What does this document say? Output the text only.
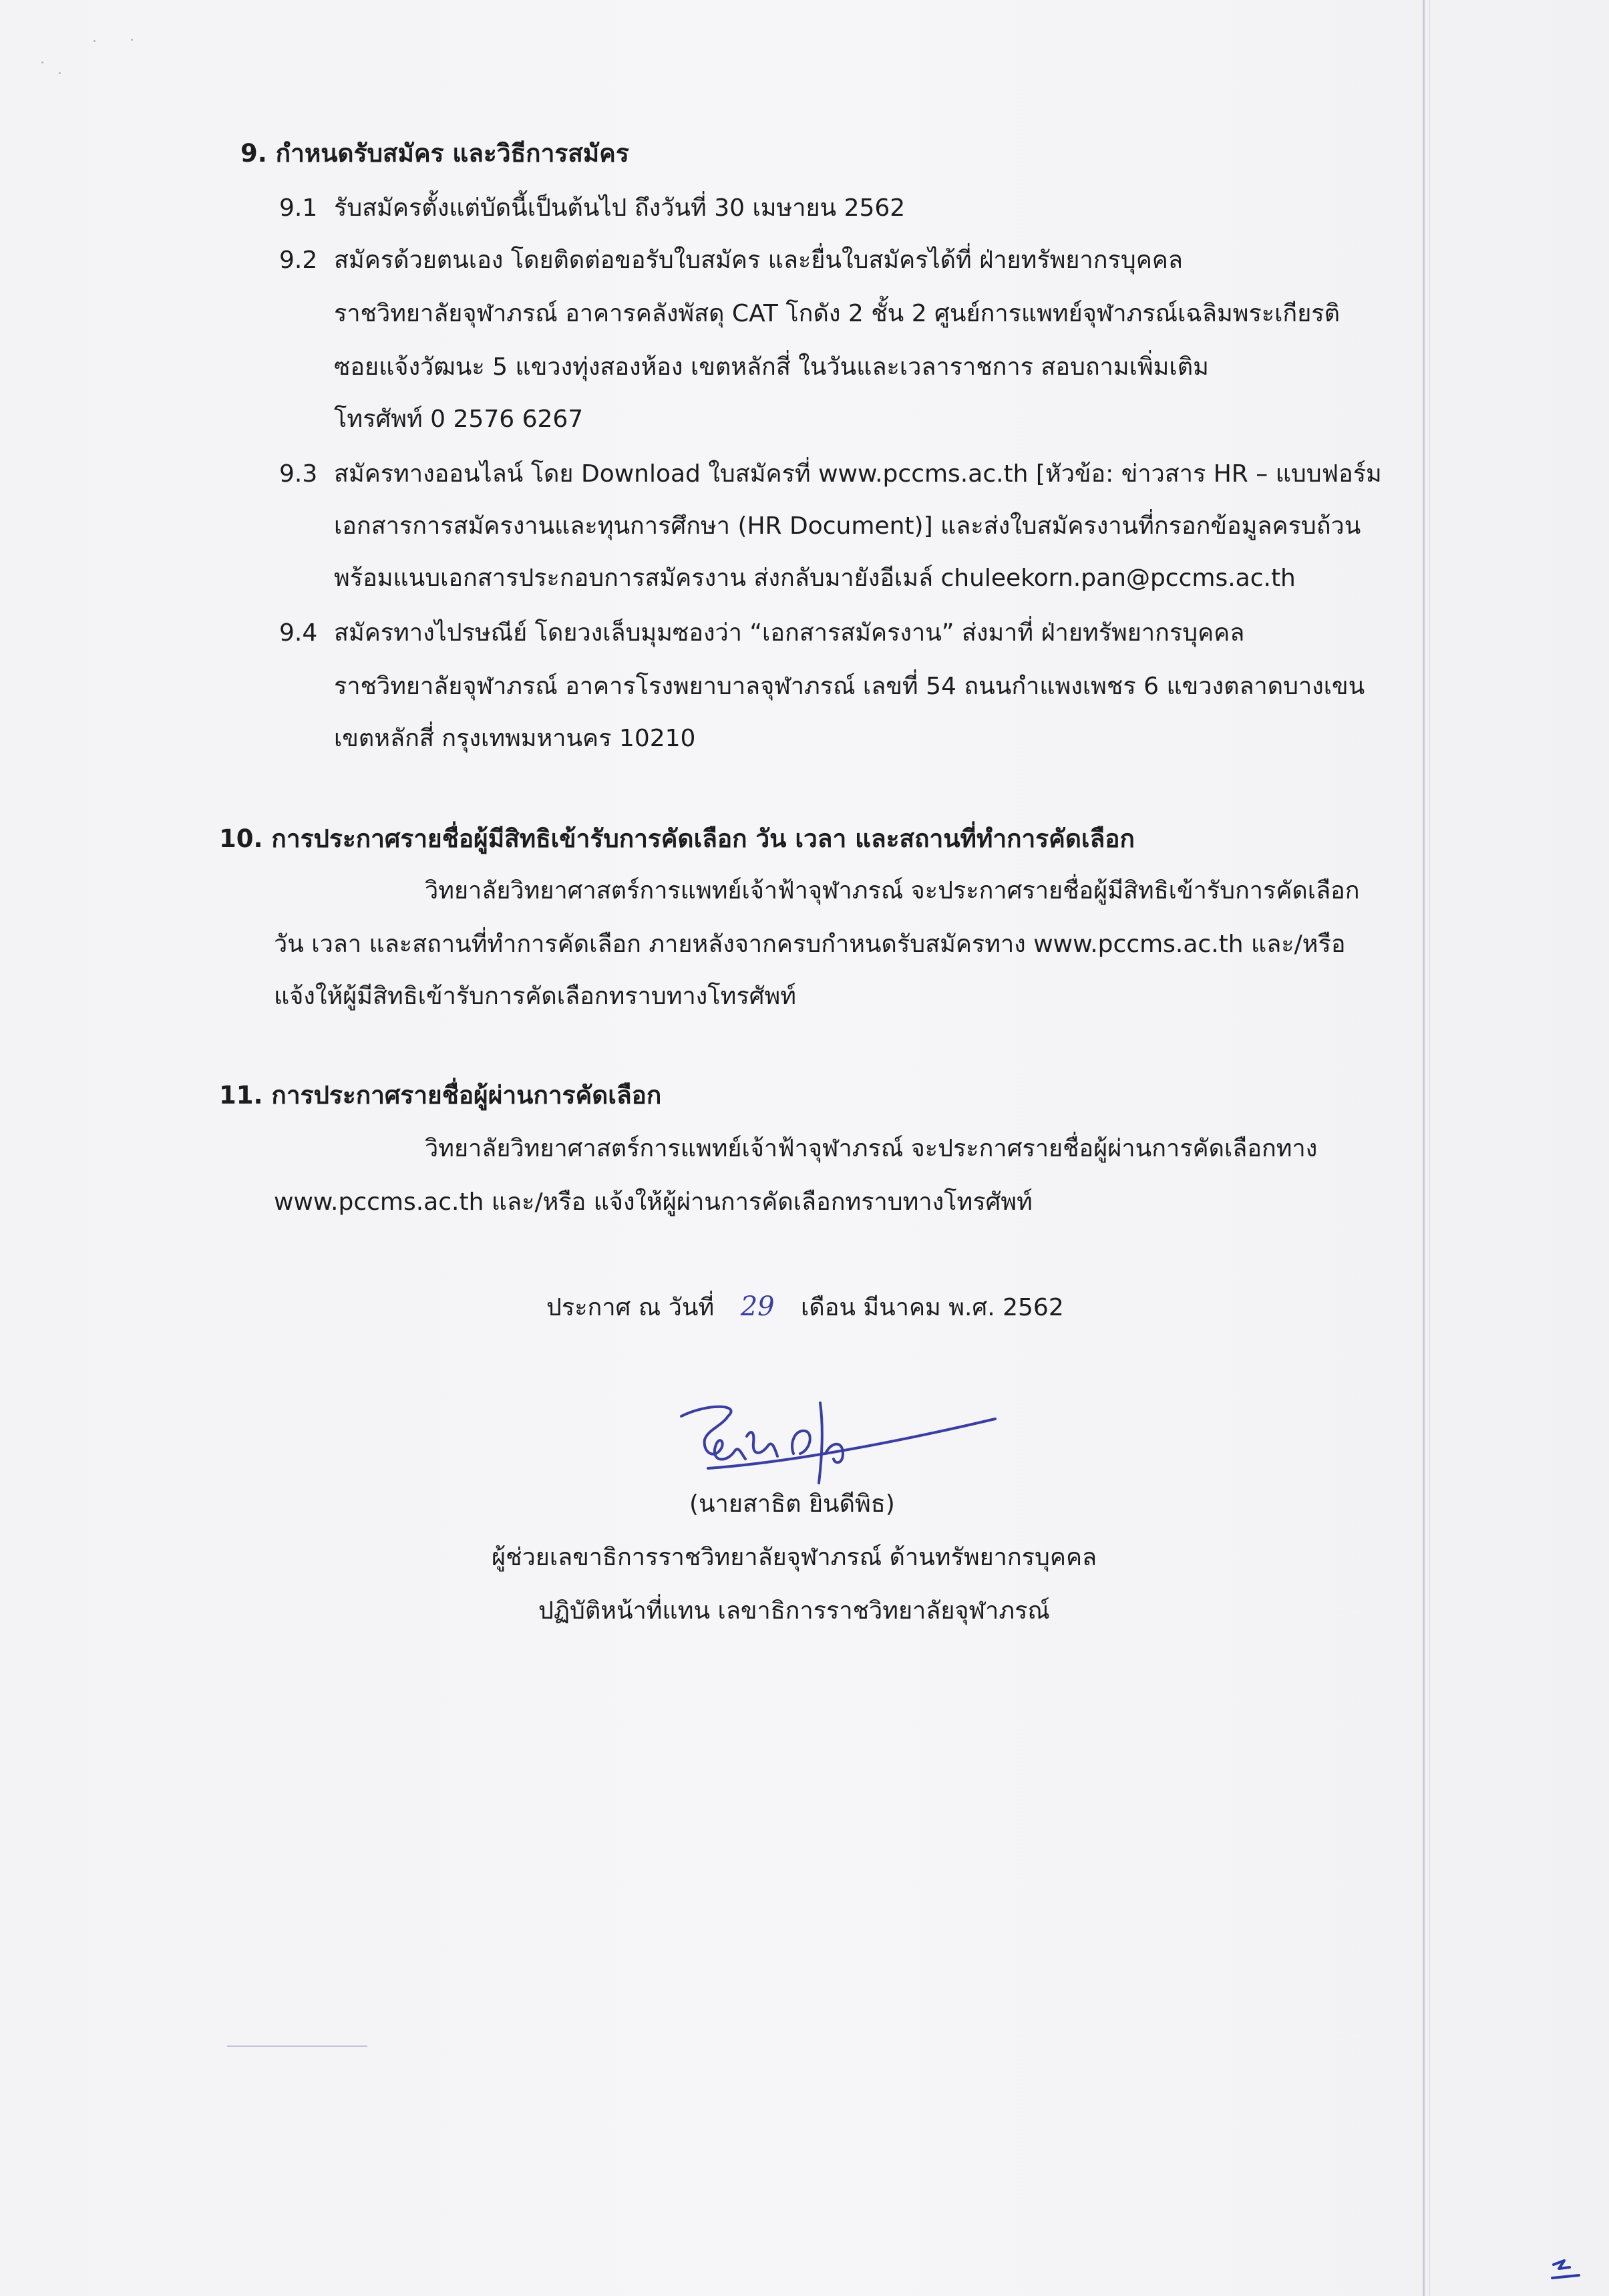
9. กำหนดรับสมัคร และวิธีการสมัคร
9.1 รับสมัครตั้งแต่บัดนี้เป็นต้นไป ถึงวันที่ 30 เมษายน 2562
9.2 สมัครด้วยตนเอง โดยติดต่อขอรับใบสมัคร และยื่นใบสมัครได้ที่ ฝ่ายทรัพยากรบุคคล
ราชวิทยาลัยจุฬาภรณ์ อาคารคลังพัสดุ CAT โกดัง 2 ชั้น 2 ศูนย์การแพทย์จุฬาภรณ์เฉลิมพระเกียรติ
ซอยแจ้งวัฒนะ 5 แขวงทุ่งสองห้อง เขตหลักสี่ ในวันและเวลาราชการ สอบถามเพิ่มเติม
โทรศัพท์ 0 2576 6267
9.3 สมัครทางออนไลน์ โดย Download ใบสมัครที่ www.pccms.ac.th [หัวข้อ: ข่าวสาร HR – แบบฟอร์ม
เอกสารการสมัครงานและทุนการศึกษา (HR Document)] และส่งใบสมัครงานที่กรอกข้อมูลครบถ้วน
พร้อมแนบเอกสารประกอบการสมัครงาน ส่งกลับมายังอีเมล์ chuleekorn.pan@pccms.ac.th
9.4 สมัครทางไปรษณีย์ โดยวงเล็บมุมซองว่า “เอกสารสมัครงาน” ส่งมาที่ ฝ่ายทรัพยากรบุคคล
ราชวิทยาลัยจุฬาภรณ์ อาคารโรงพยาบาลจุฬาภรณ์ เลขที่ 54 ถนนกำแพงเพชร 6 แขวงตลาดบางเขน
เขตหลักสี่ กรุงเทพมหานคร 10210
10. การประกาศรายชื่อผู้มีสิทธิเข้ารับการคัดเลือก วัน เวลา และสถานที่ทำการคัดเลือก
วิทยาลัยวิทยาศาสตร์การแพทย์เจ้าฟ้าจุฬาภรณ์ จะประกาศรายชื่อผู้มีสิทธิเข้ารับการคัดเลือก
วัน เวลา และสถานที่ทำการคัดเลือก ภายหลังจากครบกำหนดรับสมัครทาง www.pccms.ac.th และ/หรือ
แจ้งให้ผู้มีสิทธิเข้ารับการคัดเลือกทราบทางโทรศัพท์
11. การประกาศรายชื่อผู้ผ่านการคัดเลือก
วิทยาลัยวิทยาศาสตร์การแพทย์เจ้าฟ้าจุฬาภรณ์ จะประกาศรายชื่อผู้ผ่านการคัดเลือกทาง
www.pccms.ac.th และ/หรือ แจ้งให้ผู้ผ่านการคัดเลือกทราบทางโทรศัพท์
ประกาศ ณ วันที่ 29 เดือน มีนาคม พ.ศ. 2562
(นายสาธิต ยินดีพิธ)
ผู้ช่วยเลขาธิการราชวิทยาลัยจุฬาภรณ์ ด้านทรัพยากรบุคคล
ปฏิบัติหน้าที่แทน เลขาธิการราชวิทยาลัยจุฬาภรณ์
